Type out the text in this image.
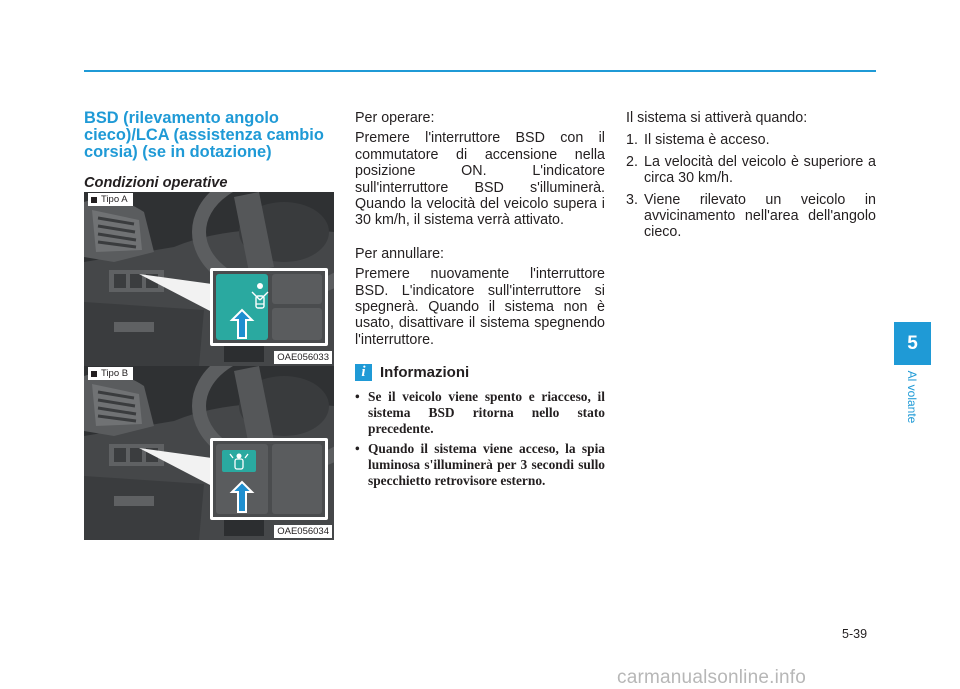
BSD (rilevamento angolo cieco)/LCA (assistenza cambio corsia) (se in dotazione)
Condizioni operative
Tipo A
OAE056033
Tipo B
OAE056034

Per operare:

Premere l'interruttore BSD con il commutatore di accensione nella posizione ON. L'indicatore sull'interruttore BSD s'illuminerà. Quando la velocità del veicolo supera i 30 km/h, il sistema verrà attivato.

Per annullare:

Premere nuovamente l'interruttore BSD. L'indicatore sull'interruttore si spegnerà. Quando il sistema non è usato, disattivare il sistema spegnendo l'interruttore.

i Informazioni
• Se il veicolo viene spento e riacceso, il sistema BSD ritorna nello stato precedente.
• Quando il sistema viene acceso, la spia luminosa s'illuminerà per 3 secondi sullo specchietto retrovisore esterno.

Il sistema si attiverà quando:

1. Il sistema è acceso.
2. La velocità del veicolo è superiore a circa 30 km/h.
3. Viene rilevato un veicolo in avvicinamento nell'area dell'angolo cieco.
5
Al volante
5-39
carmanualsonline.info
